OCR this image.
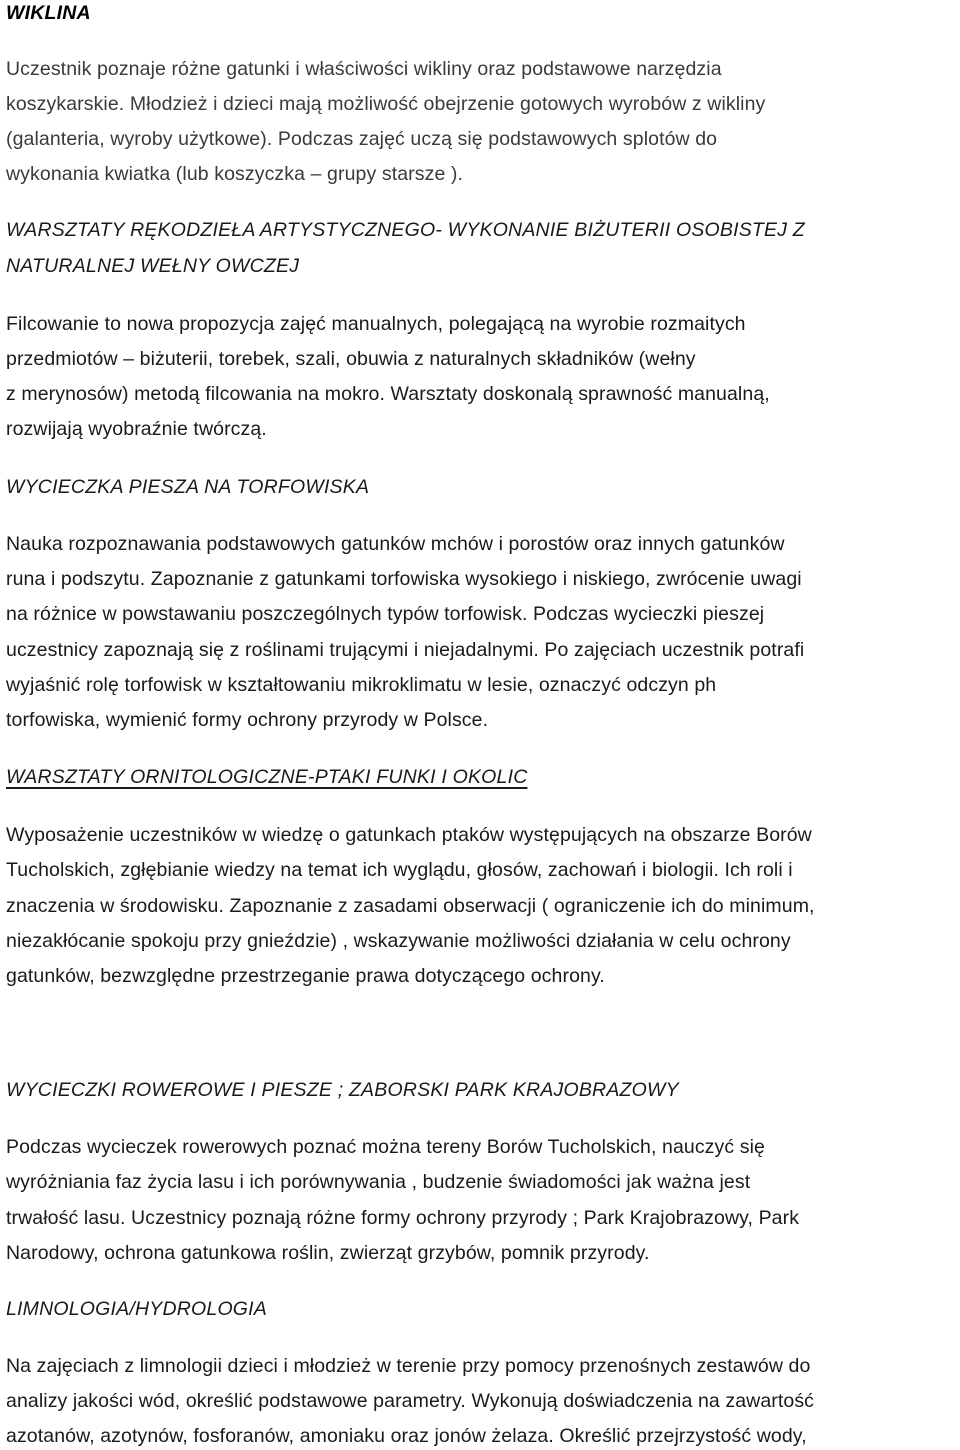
WIKLINA

Uczestnik poznaje różne gatunki i właściwości wikliny oraz podstawowe narzędzia

koszykarskie. Młodzież i dzieci mają możliwość obejrzenie gotowych wyrobów z wikliny

(galanteria, wyroby użytkowe). Podczas zajęć uczą się podstawowych splotów do

wykonania kwiatka (lub koszyczka – grupy starsze ).

WARSZTATY RĘKODZIEŁA ARTYSTYCZNEGO- WYKONANIE BIŻUTERII OSOBISTEJ Z

NATURALNEJ WEŁNY OWCZEJ

Filcowanie to nowa propozycja zajęć manualnych, polegającą na wyrobie rozmaitych

przedmiotów – biżuterii, torebek, szali, obuwia z naturalnych składników (wełny

z merynosów) metodą filcowania na mokro. Warsztaty doskonalą sprawność manualną,

rozwijają wyobraźnie twórczą.

WYCIECZKA PIESZA NA TORFOWISKA

Nauka rozpoznawania podstawowych gatunków mchów i porostów oraz innych gatunków

runa i podszytu. Zapoznanie z gatunkami torfowiska wysokiego i niskiego, zwrócenie uwagi

na różnice w powstawaniu poszczególnych typów torfowisk. Podczas wycieczki pieszej

uczestnicy zapoznają się z roślinami trującymi i niejadalnymi. Po zajęciach uczestnik potrafi

wyjaśnić rolę torfowisk w kształtowaniu mikroklimatu w lesie, oznaczyć odczyn ph

torfowiska, wymienić formy ochrony przyrody w Polsce.

WARSZTATY ORNITOLOGICZNE-PTAKI FUNKI I OKOLIC

Wyposażenie uczestników w wiedzę o gatunkach ptaków występujących na obszarze Borów

Tucholskich, zgłębianie wiedzy na temat ich wyglądu, głosów, zachowań i biologii. Ich roli i

znaczenia w środowisku. Zapoznanie z zasadami obserwacji ( ograniczenie ich do minimum,

niezakłócanie spokoju przy gnieździe) , wskazywanie możliwości działania w celu ochrony

gatunków, bezwzględne przestrzeganie prawa dotyczącego ochrony.

WYCIECZKI ROWEROWE I PIESZE ; ZABORSKI PARK KRAJOBRAZOWY

Podczas wycieczek rowerowych poznać można tereny Borów Tucholskich, nauczyć się

wyróżniania faz życia lasu i ich porównywania , budzenie świadomości jak ważna jest

trwałość lasu. Uczestnicy poznają różne formy ochrony przyrody ; Park Krajobrazowy, Park

Narodowy, ochrona gatunkowa roślin, zwierząt grzybów, pomnik przyrody.

LIMNOLOGIA/HYDROLOGIA

Na zajęciach z limnologii dzieci i młodzież w terenie przy pomocy przenośnych zestawów do

analizy jakości wód, określić podstawowe parametry. Wykonują doświadczenia na zawartość

azotanów, azotynów, fosforanów, amoniaku oraz jonów żelaza. Określić przejrzystość wody,
